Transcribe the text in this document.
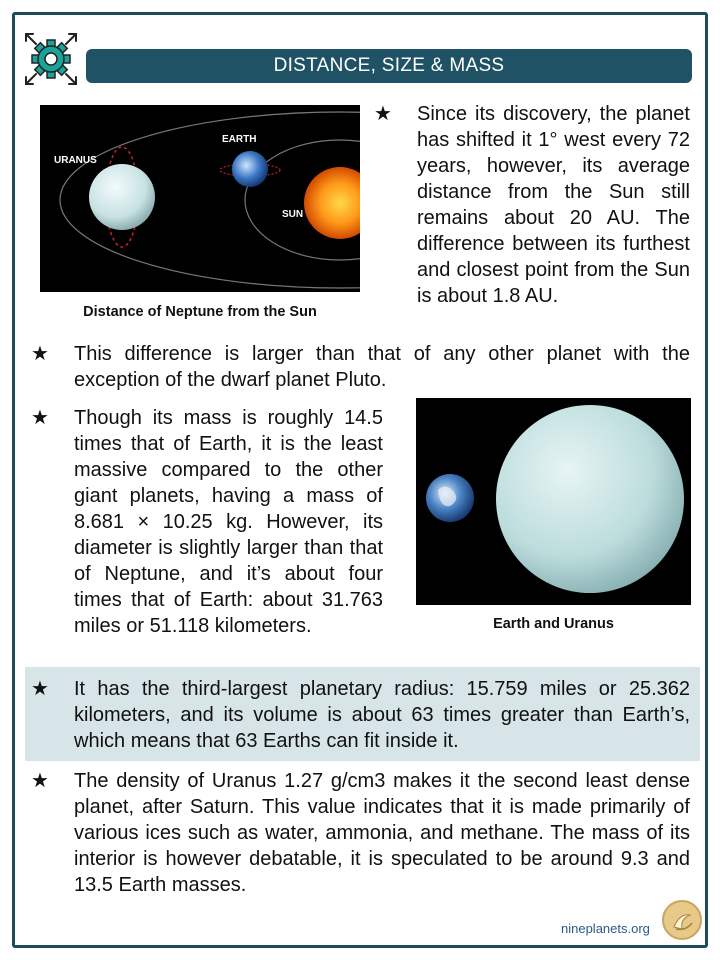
DISTANCE, SIZE & MASS
URANUS
EARTH
SUN
Distance of Neptune from the Sun
★ Since its discovery, the planet has shifted it 1° west every 72 years, however, its average distance from the Sun still remains about 20 AU. The difference between its furthest and closest point from the Sun is about 1.8 AU.
★ This difference is larger than that of any other planet with the exception of the dwarf planet Pluto.
★ Though its mass is roughly 14.5 times that of Earth, it is the least massive compared to the other giant planets, having a mass of 8.681 × 10.25 kg. However, its diameter is slightly larger than that of Neptune, and it’s about four times that of Earth: about 31.763 miles or 51.118 kilometers.	Earth and Uranus
★ It has the third-largest planetary radius: 15.759 miles or 25.362 kilometers, and its volume is about 63 times greater than Earth’s, which means that 63 Earths can fit inside it.
★ The density of Uranus 1.27 g/cm3 makes it the second least dense planet, after Saturn. This value indicates that it is made primarily of various ices such as water, ammonia, and methane. The mass of its interior is however debatable, it is speculated to be around 9.3 and 13.5 Earth masses.
nineplanets.org
